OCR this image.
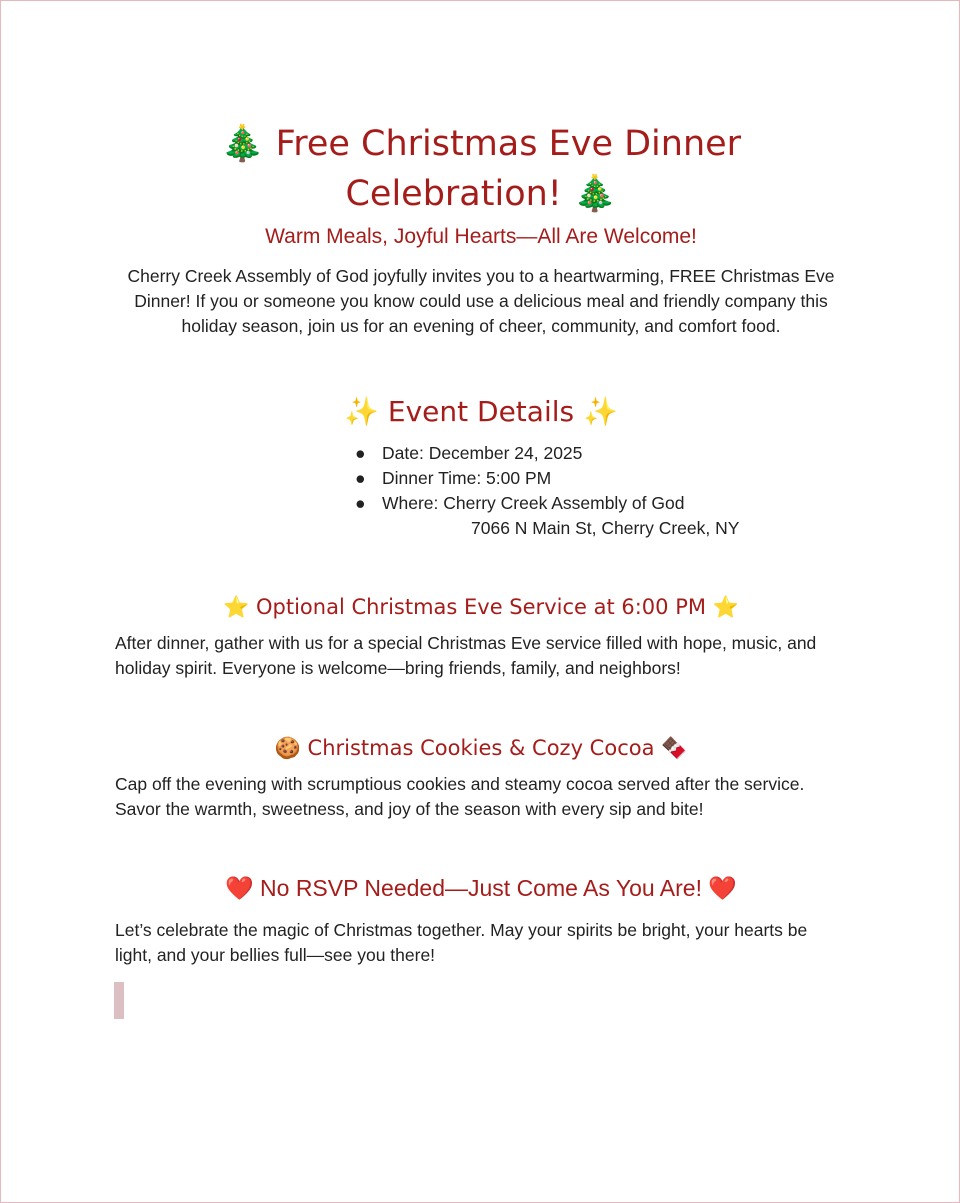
🎄 Free Christmas Eve Dinner Celebration! 🎄

Warm Meals, Joyful Hearts—All Are Welcome!

Cherry Creek Assembly of God joyfully invites you to a heartwarming, FREE Christmas Eve Dinner! If you or someone you know could use a delicious meal and friendly company this holiday season, join us for an evening of cheer, community, and comfort food.

✨ Event Details ✨
● Date: December 24, 2025
● Dinner Time: 5:00 PM
● Where: Cherry Creek Assembly of God
7066 N Main St, Cherry Creek, NY
⭐ Optional Christmas Eve Service at 6:00 PM ⭐

After dinner, gather with us for a special Christmas Eve service filled with hope, music, and holiday spirit. Everyone is welcome—bring friends, family, and neighbors!

🍪 Christmas Cookies & Cozy Cocoa 🍫

Cap off the evening with scrumptious cookies and steamy cocoa served after the service. Savor the warmth, sweetness, and joy of the season with every sip and bite!

❤️ No RSVP Needed—Just Come As You Are! ❤️

Let’s celebrate the magic of Christmas together. May your spirits be bright, your hearts be light, and your bellies full—see you there!
